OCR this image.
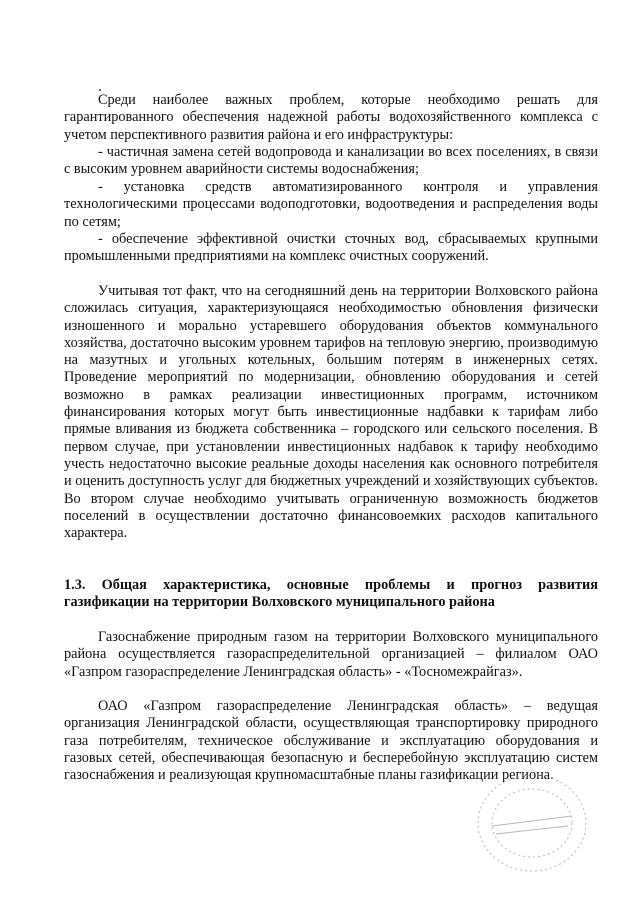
Среди наиболее важных проблем, которые необходимо решать для гарантированного обеспечения надежной работы водохозяйственного комплекса с учетом перспективного развития района и его инфраструктуры:

- частичная замена сетей водопровода и канализации во всех поселениях, в связи с высоким уровнем аварийности системы водоснабжения;

- установка средств автоматизированного контроля и управления технологическими процессами водоподготовки, водоотведения и распределения воды по сетям;

- обеспечение эффективной очистки сточных вод, сбрасываемых крупными промышленными предприятиями на комплекс очистных сооружений.

Учитывая тот факт, что на сегодняшний день на территории Волховского района сложилась ситуация, характеризующаяся необходимостью обновления физически изношенного и морально устаревшего оборудования объектов коммунального хозяйства, достаточно высоким уровнем тарифов на тепловую энергию, производимую на мазутных и угольных котельных, большим потерям в инженерных сетях. Проведение мероприятий по модернизации, обновлению оборудования и сетей возможно в рамках реализации инвестиционных программ, источником финансирования которых могут быть инвестиционные надбавки к тарифам либо прямые вливания из бюджета собственника – городского или сельского поселения. В первом случае, при установлении инвестиционных надбавок к тарифу необходимо учесть недостаточно высокие реальные доходы населения как основного потребителя и оценить доступность услуг для бюджетных учреждений и хозяйствующих субъектов. Во втором случае необходимо учитывать ограниченную возможность бюджетов поселений в осуществлении достаточно финансовоемких расходов капитального характера.

1.3. Общая характеристика, основные проблемы и прогноз развития газификации на территории Волховского муниципального района

Газоснабжение природным газом на территории Волховского муниципального района осуществляется газораспределительной организацией – филиалом ОАО «Газпром газораспределение Ленинградская область» - «Тосномежрайгаз».

ОАО «Газпром газораспределение Ленинградская область» – ведущая организация Ленинградской области, осуществляющая транспортировку природного газа потребителям, техническое обслуживание и эксплуатацию оборудования и газовых сетей, обеспечивающая безопасную и бесперебойную эксплуатацию систем газоснабжения и реализующая крупномасштабные планы газификации региона.
